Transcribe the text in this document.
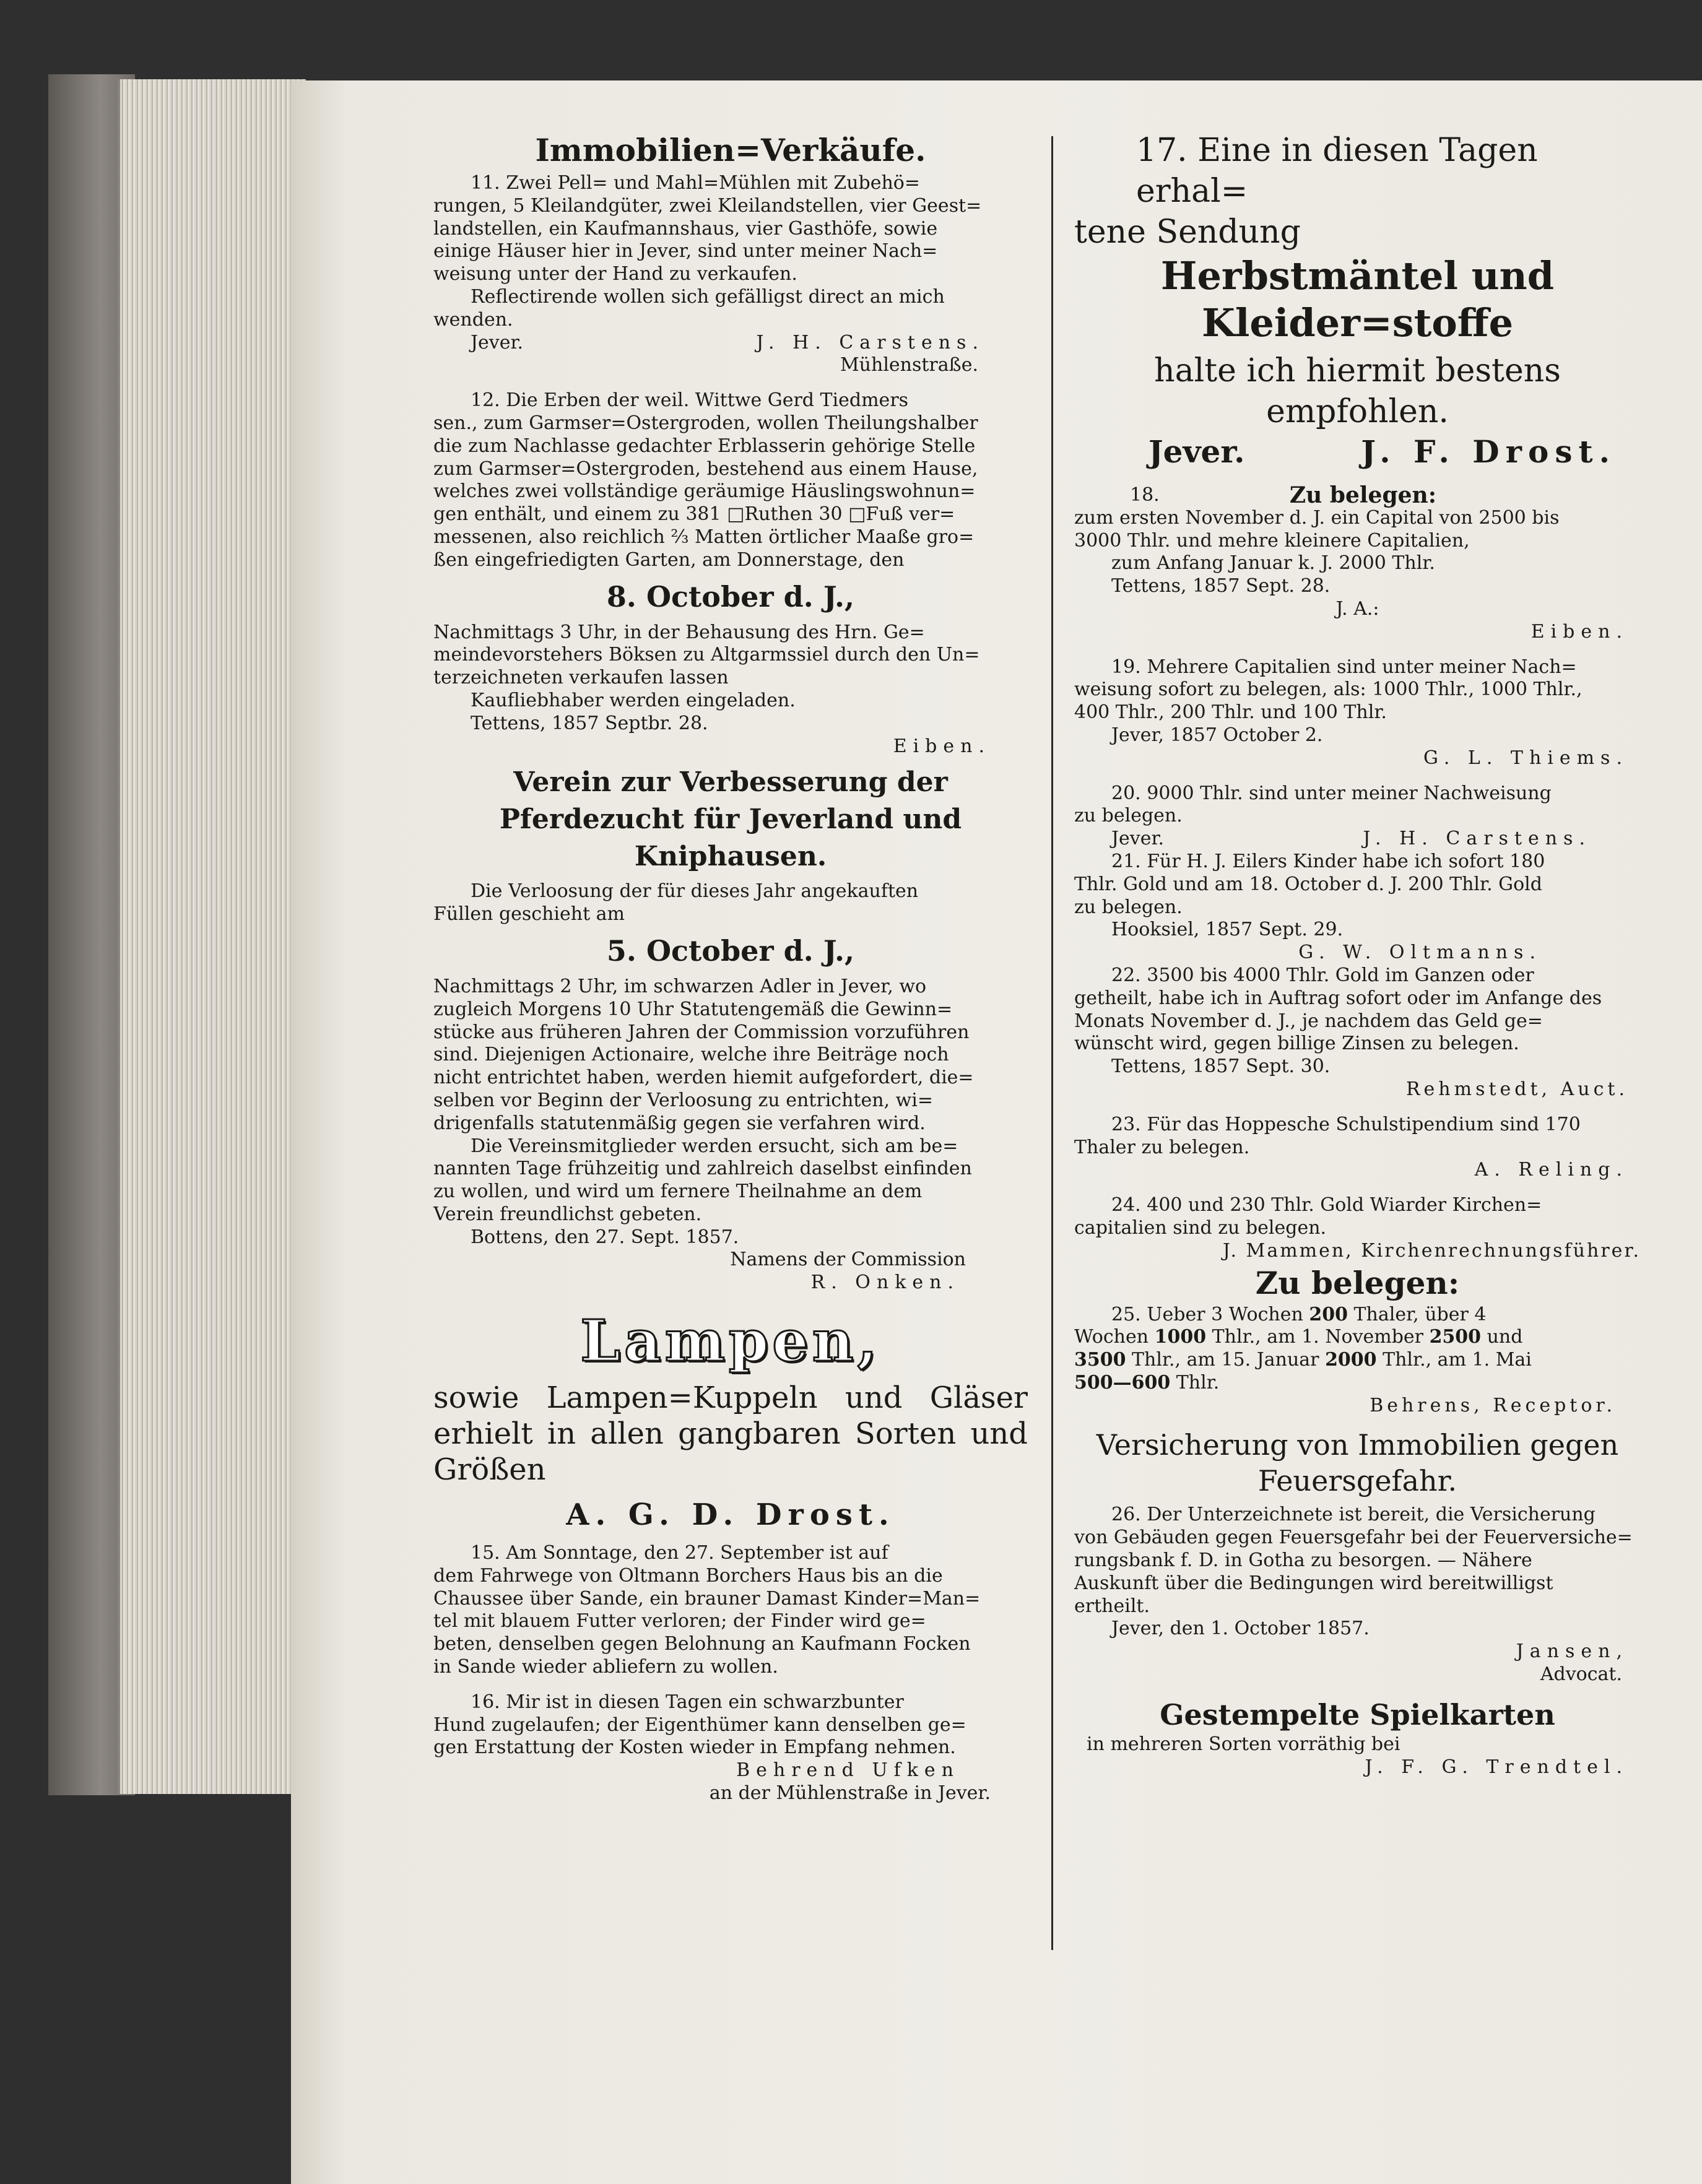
Immobilien=Verkäufe.

11. Zwei Pell= und Mahl=Mühlen mit Zubehö=

rungen, 5 Kleilandgüter, zwei Kleilandstellen, vier Geest=

landstellen, ein Kaufmannshaus, vier Gasthöfe, sowie

einige Häuser hier in Jever, sind unter meiner Nach=

weisung unter der Hand zu verkaufen.

Reflectirende wollen sich gefälligst direct an mich

wenden.

Jever.	J. H. Carstens.

Mühlenstraße.

12. Die Erben der weil. Wittwe Gerd Tiedmers

sen., zum Garmser=Ostergroden, wollen Theilungshalber

die zum Nachlasse gedachter Erblasserin gehörige Stelle

zum Garmser=Ostergroden, bestehend aus einem Hause,

welches zwei vollständige geräumige Häuslingswohnun=

gen enthält, und einem zu 381 □Ruthen 30 □Fuß ver=

messenen, also reichlich ⅔ Matten örtlicher Maaße gro=

ßen eingefriedigten Garten, am Donnerstage, den

8. October d. J.,

Nachmittags 3 Uhr, in der Behausung des Hrn. Ge=

meindevorstehers Böksen zu Altgarmssiel durch den Un=

terzeichneten verkaufen lassen

Kaufliebhaber werden eingeladen.

Tettens, 1857 Septbr. 28.

Eiben.

Verein zur Verbesserung der Pferdezucht für Jeverland und Kniphausen.

Die Verloosung der für dieses Jahr angekauften

Füllen geschieht am

5. October d. J.,

Nachmittags 2 Uhr, im schwarzen Adler in Jever, wo

zugleich Morgens 10 Uhr Statutengemäß die Gewinn=

stücke aus früheren Jahren der Commission vorzuführen

sind. Diejenigen Actionaire, welche ihre Beiträge noch

nicht entrichtet haben, werden hiemit aufgefordert, die=

selben vor Beginn der Verloosung zu entrichten, wi=

drigenfalls statutenmäßig gegen sie verfahren wird.

Die Vereinsmitglieder werden ersucht, sich am be=

nannten Tage frühzeitig und zahlreich daselbst einfinden

zu wollen, und wird um fernere Theilnahme an dem

Verein freundlichst gebeten.

Bottens, den 27. Sept. 1857.

Namens der Commission

R. Onken.

Lampen,

sowie Lampen=Kuppeln und Gläser erhielt in allen gangbaren Sorten und Größen

A. G. D. Drost.

15. Am Sonntage, den 27. September ist auf

dem Fahrwege von Oltmann Borchers Haus bis an die

Chaussee über Sande, ein brauner Damast Kinder=Man=

tel mit blauem Futter verloren; der Finder wird ge=

beten, denselben gegen Belohnung an Kaufmann Focken

in Sande wieder abliefern zu wollen.

16. Mir ist in diesen Tagen ein schwarzbunter

Hund zugelaufen; der Eigenthümer kann denselben ge=

gen Erstattung der Kosten wieder in Empfang nehmen.

Behrend Ufken

an der Mühlenstraße in Jever.

17. Eine in diesen Tagen erhal=

tene Sendung

Herbstmäntel und Kleider=stoffe

halte ich hiermit bestens empfohlen.

Jever.	J. F. Drost.
18.	Zu belegen:

zum ersten November d. J. ein Capital von 2500 bis

3000 Thlr. und mehre kleinere Capitalien,

zum Anfang Januar k. J. 2000 Thlr.

Tettens, 1857 Sept. 28.

J. A.:

Eiben.

19. Mehrere Capitalien sind unter meiner Nach=

weisung sofort zu belegen, als: 1000 Thlr., 1000 Thlr.,

400 Thlr., 200 Thlr. und 100 Thlr.

Jever, 1857 October 2.

G. L. Thiems.

20. 9000 Thlr. sind unter meiner Nachweisung

zu belegen.

Jever.	J. H. Carstens.

21. Für H. J. Eilers Kinder habe ich sofort 180

Thlr. Gold und am 18. October d. J. 200 Thlr. Gold

zu belegen.

Hooksiel, 1857 Sept. 29.

G. W. Oltmanns.

22. 3500 bis 4000 Thlr. Gold im Ganzen oder

getheilt, habe ich in Auftrag sofort oder im Anfange des

Monats November d. J., je nachdem das Geld ge=

wünscht wird, gegen billige Zinsen zu belegen.

Tettens, 1857 Sept. 30.

Rehmstedt, Auct.

23. Für das Hoppesche Schulstipendium sind 170

Thaler zu belegen.

A. Reling.

24. 400 und 230 Thlr. Gold Wiarder Kirchen=

capitalien sind zu belegen.

J. Mammen, Kirchenrechnungsführer.

Zu belegen:

25. Ueber 3 Wochen 200 Thaler, über 4

Wochen 1000 Thlr., am 1. November 2500 und

3500 Thlr., am 15. Januar 2000 Thlr., am 1. Mai

500—600 Thlr.

Behrens, Receptor.

Versicherung von Immobilien gegen Feuersgefahr.

26. Der Unterzeichnete ist bereit, die Versicherung

von Gebäuden gegen Feuersgefahr bei der Feuerversiche=

rungsbank f. D. in Gotha zu besorgen. — Nähere

Auskunft über die Bedingungen wird bereitwilligst

ertheilt.

Jever, den 1. October 1857.

Jansen,

Advocat.

Gestempelte Spielkarten

in mehreren Sorten vorräthig bei

J. F. G. Trendtel.
